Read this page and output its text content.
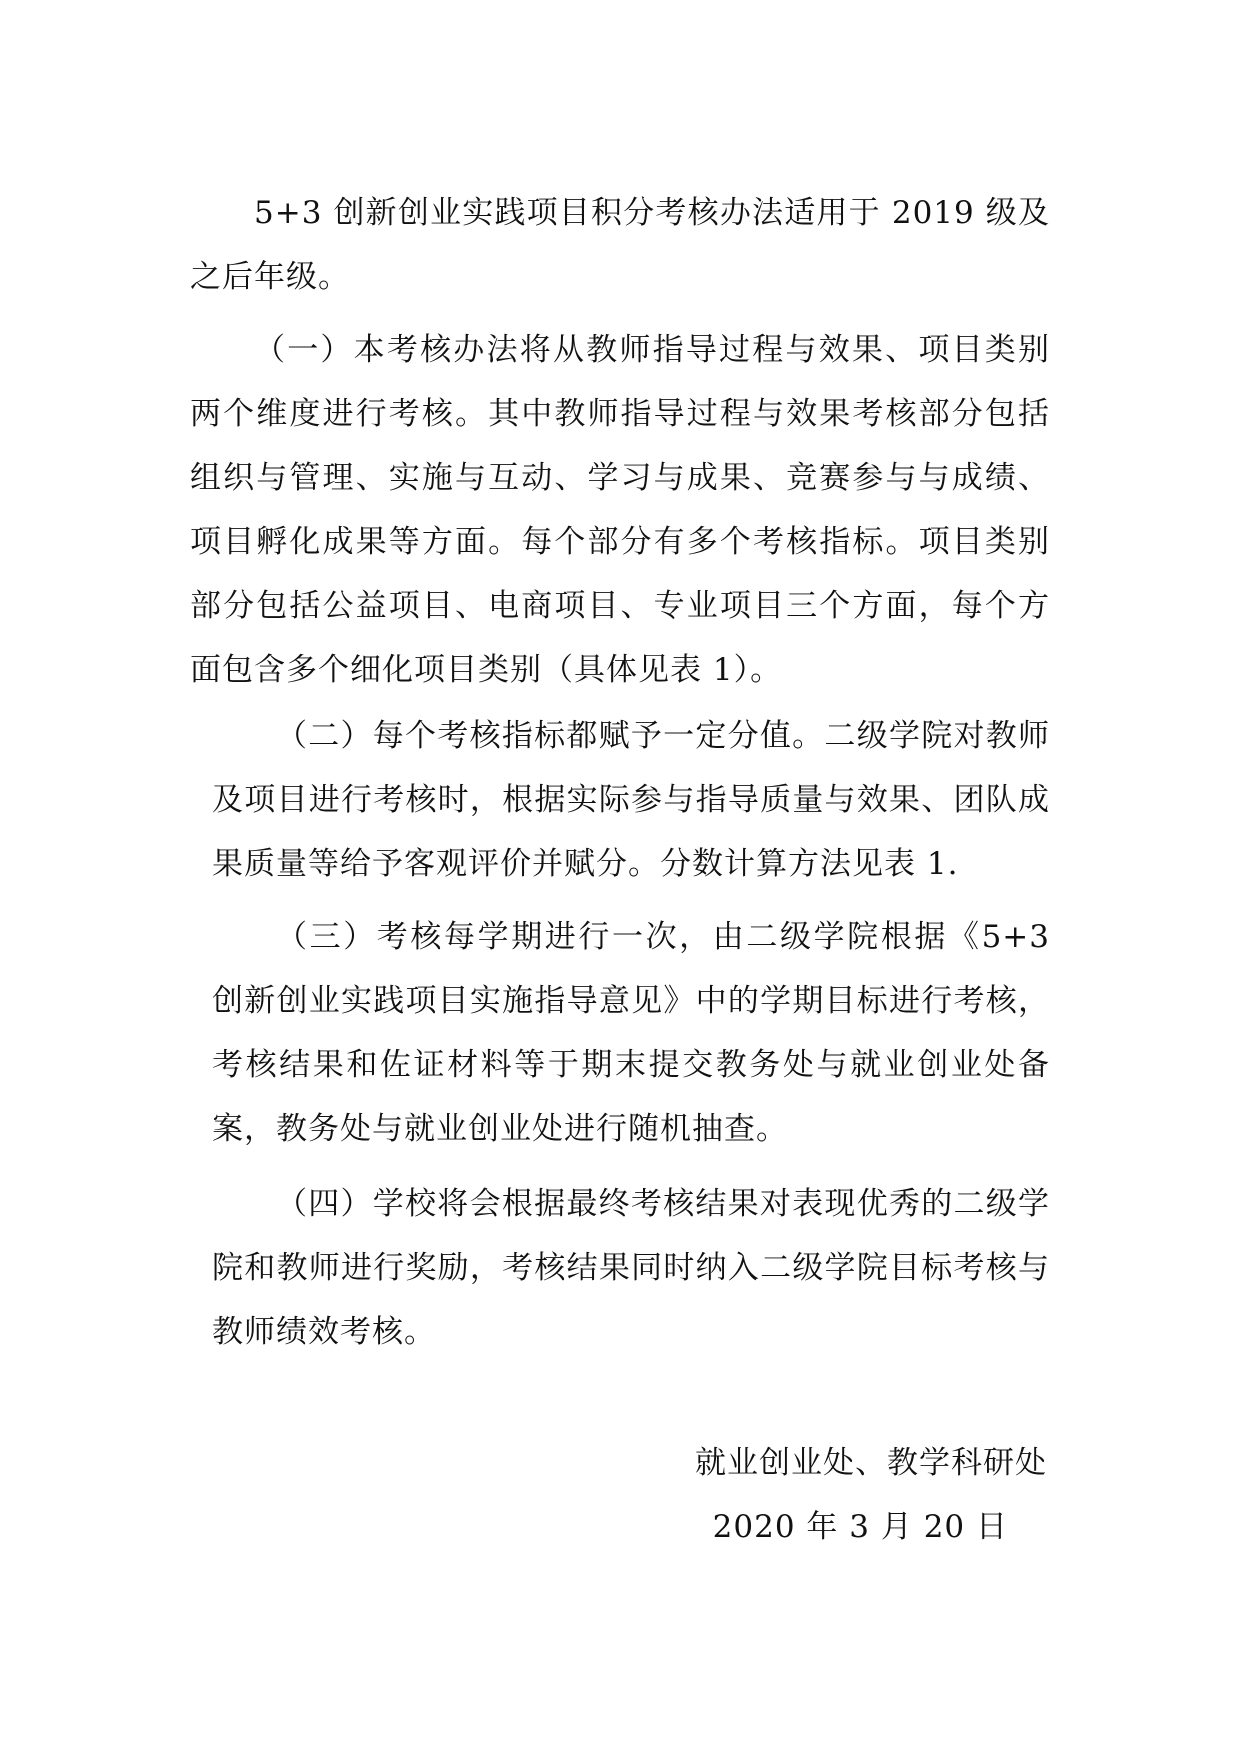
5+3 创新创业实践项目积分考核办法适用于 2019 级及之后年级。

（一）本考核办法将从教师指导过程与效果、项目类别两个维度进行考核。其中教师指导过程与效果考核部分包括组织与管理、实施与互动、学习与成果、竞赛参与与成绩、项目孵化成果等方面。每个部分有多个考核指标。项目类别部分包括公益项目、电商项目、专业项目三个方面，每个方面包含多个细化项目类别（具体见表 1）。

（二）每个考核指标都赋予一定分值。二级学院对教师及项目进行考核时，根据实际参与指导质量与效果、团队成果质量等给予客观评价并赋分。分数计算方法见表 1.

（三）考核每学期进行一次，由二级学院根据《5+3 创新创业实践项目实施指导意见》中的学期目标进行考核，考核结果和佐证材料等于期末提交教务处与就业创业处备案，教务处与就业创业处进行随机抽查。

（四）学校将会根据最终考核结果对表现优秀的二级学院和教师进行奖励，考核结果同时纳入二级学院目标考核与教师绩效考核。

就业创业处、教学科研处
2020 年 3 月 20 日
